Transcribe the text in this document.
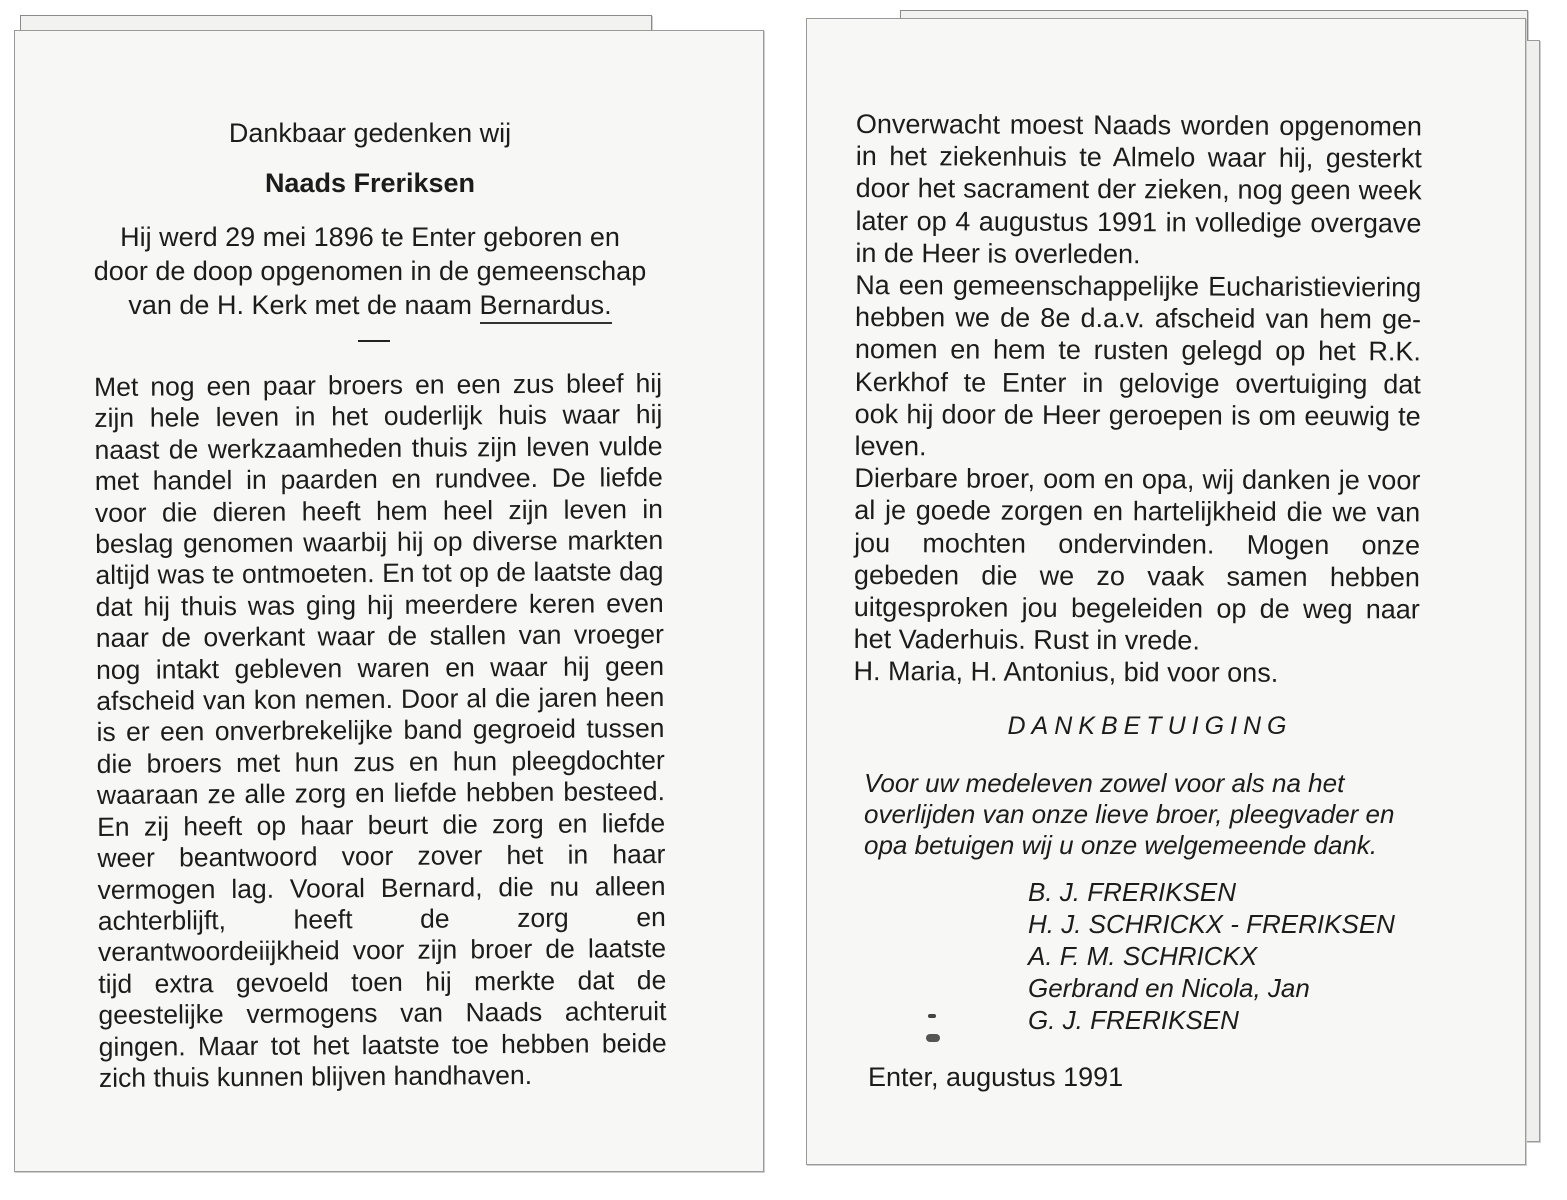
Dankbaar gedenken wij
Naads Freriksen
Hij werd 29 mei 1896 te Enter geboren en
door de doop opgenomen in de gemeenschap
van de H. Kerk met de naam Bernardus.
Met nog een paar broers en een zus bleef hij zijn hele leven in het ouderlijk huis waar hij naast de werkzaamheden thuis zijn leven vulde met handel in paarden en rundvee. De liefde voor die dieren heeft hem heel zijn leven in beslag genomen waarbij hij op diverse markten altijd was te ontmoeten. En tot op de laatste dag dat hij thuis was ging hij meerdere keren even naar de overkant waar de stallen van vroeger nog intakt gebleven waren en waar hij geen afscheid van kon nemen. Door al die jaren heen is er een onverbrekelijke band gegroeid tussen die broers met hun zus en hun pleegdochter waaraan ze alle zorg en liefde hebben besteed. En zij heeft op haar beurt die zorg en liefde weer beantwoord voor zover het in haar vermogen lag. Vooral Bernard, die nu alleen achterblijft, heeft de zorg en verantwoordeiijkheid voor zijn broer de laatste tijd extra gevoeld toen hij merkte dat de geestelijke vermogens van Naads achteruit gingen. Maar tot het laatste toe hebben beide zich thuis kunnen blijven handhaven.

Onverwacht moest Naads worden opgenomen in het ziekenhuis te Almelo waar hij, gesterkt door het sacrament der zieken, nog geen week later op 4 augustus 1991 in volledige overgave in de Heer is overleden.

Na een gemeenschappelijke Eucharistieviering hebben we de 8e d.a.v. afscheid van hem genomen en hem te rusten gelegd op het R.K. Kerkhof te Enter in gelovige overtuiging dat ook hij door de Heer geroepen is om eeuwig te leven.

Dierbare broer, oom en opa, wij danken je voor al je goede zorgen en hartelijkheid die we van jou mochten ondervinden. Mogen onze gebeden die we zo vaak samen hebben uitgesproken jou begeleiden op de weg naar het Vaderhuis. Rust in vrede.

H. Maria, H. Antonius, bid voor ons.

DANKBETUIGING
Voor uw medeleven zowel voor als na het overlijden van onze lieve broer, pleegvader en opa betuigen wij u onze welgemeende dank.
B. J. FRERIKSEN
H. J. SCHRICKX - FRERIKSEN
A. F. M. SCHRICKX
Gerbrand en Nicola, Jan
G. J. FRERIKSEN
Enter, augustus 1991
